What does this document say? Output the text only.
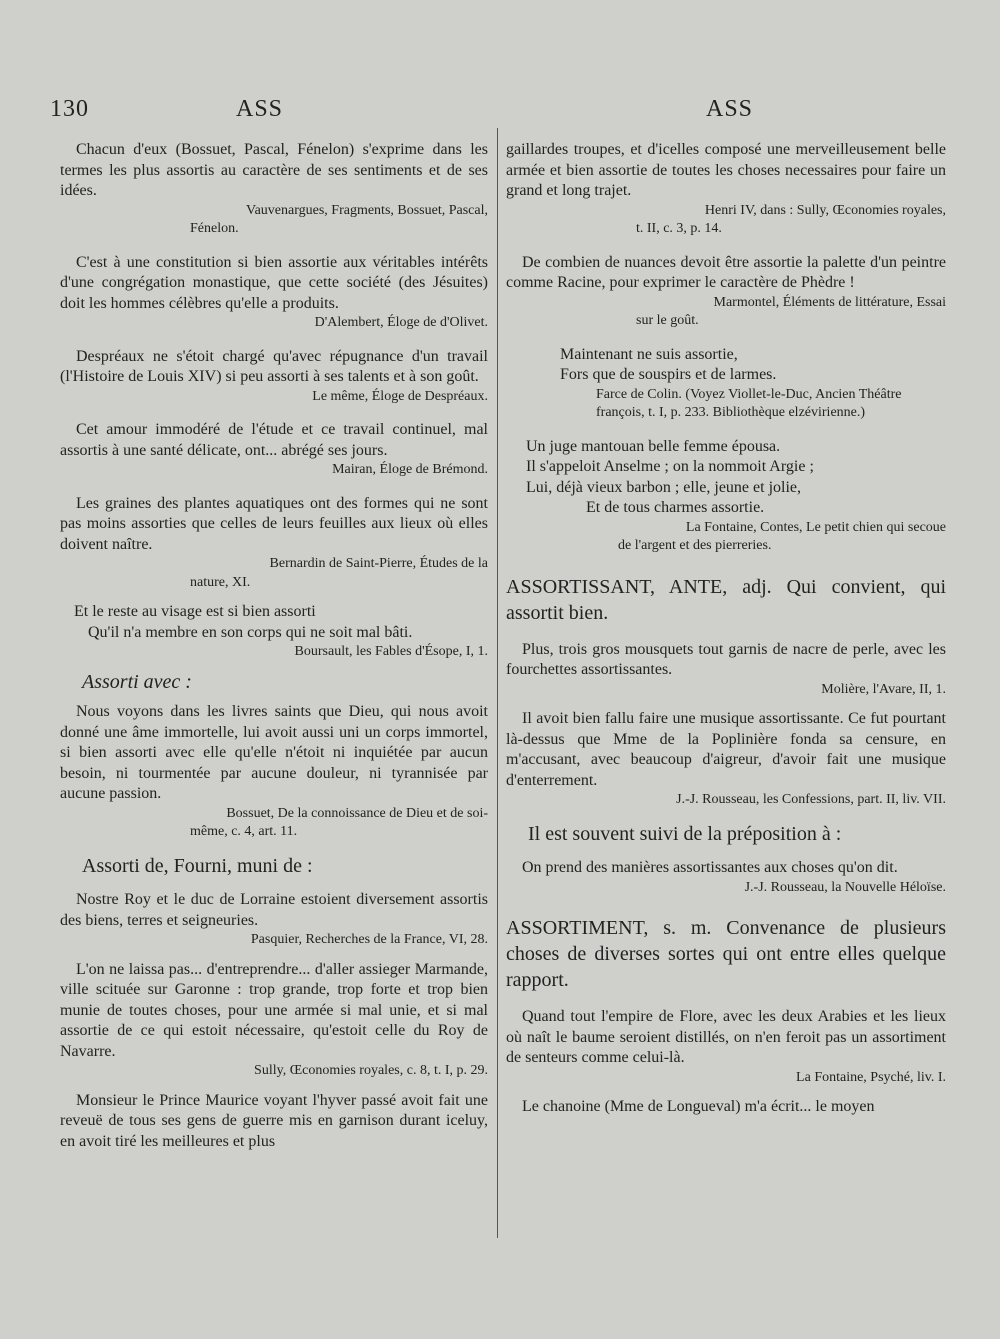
130	ASS	ASS

Chacun d'eux (Bossuet, Pascal, Fénelon) s'exprime dans les termes les plus assortis au caractère de ses sentiments et de ses idées.

Vauvenargues, Fragments, Bossuet, Pascal,
Fénelon.

C'est à une constitution si bien assortie aux véritables intérêts d'une congrégation monastique, que cette société (des Jésuites) doit les hommes célèbres qu'elle a produits.

D'Alembert, Éloge de d'Olivet.

Despréaux ne s'étoit chargé qu'avec répugnance d'un travail (l'Histoire de Louis XIV) si peu assorti à ses talents et à son goût.

Le même, Éloge de Despréaux.

Cet amour immodéré de l'étude et ce travail continuel, mal assortis à une santé délicate, ont... abrégé ses jours.

Mairan, Éloge de Brémond.

Les graines des plantes aquatiques ont des formes qui ne sont pas moins assorties que celles de leurs feuilles aux lieux où elles doivent naître.

Bernardin de Saint-Pierre, Études de la
nature, XI.
Et le reste au visage est si bien assorti
Qu'il n'a membre en son corps qui ne soit mal bâti.
Boursault, les Fables d'Ésope, I, 1.
Assorti avec :

Nous voyons dans les livres saints que Dieu, qui nous avoit donné une âme immortelle, lui avoit aussi uni un corps immortel, si bien assorti avec elle qu'elle n'étoit ni inquiétée par aucun besoin, ni tourmentée par aucune douleur, ni tyrannisée par aucune passion.

Bossuet, De la connoissance de Dieu et de soi-
même, c. 4, art. 11.
Assorti de, Fourni, muni de :

Nostre Roy et le duc de Lorraine estoient diversement assortis des biens, terres et seigneuries.

Pasquier, Recherches de la France, VI, 28.

L'on ne laissa pas... d'entreprendre... d'aller assieger Marmande, ville scituée sur Garonne : trop grande, trop forte et trop bien munie de toutes choses, pour une armée si mal unie, et si mal assortie de ce qui estoit nécessaire, qu'estoit celle du Roy de Navarre.

Sully, Œconomies royales, c. 8, t. I, p. 29.

Monsieur le Prince Maurice voyant l'hyver passé avoit fait une reveuë de tous ses gens de guerre mis en garnison durant iceluy, en avoit tiré les meilleures et plus

gaillardes troupes, et d'icelles composé une merveilleusement belle armée et bien assortie de toutes les choses necessaires pour faire un grand et long trajet.

Henri IV, dans : Sully, Œconomies royales,
t. II, c. 3, p. 14.

De combien de nuances devoit être assortie la palette d'un peintre comme Racine, pour exprimer le caractère de Phèdre !

Marmontel, Éléments de littérature, Essai
sur le goût.
Maintenant ne suis assortie,
Fors que de souspirs et de larmes.
Farce de Colin. (Voyez Viollet-le-Duc, Ancien Théâtre françois, t. I, p. 233. Bibliothèque elzévirienne.)
Un juge mantouan belle femme épousa.
Il s'appeloit Anselme ; on la nommoit Argie ;
Lui, déjà vieux barbon ; elle, jeune et jolie,
Et de tous charmes assortie.
La Fontaine, Contes, Le petit chien qui secoue
de l'argent et des pierreries.

ASSORTISSANT, ANTE, adj. Qui convient, qui assortit bien.

Plus, trois gros mousquets tout garnis de nacre de perle, avec les fourchettes assortissantes.

Molière, l'Avare, II, 1.

Il avoit bien fallu faire une musique assortissante. Ce fut pourtant là-dessus que Mme de la Poplinière fonda sa censure, en m'accusant, avec beaucoup d'aigreur, d'avoir fait une musique d'enterrement.

J.-J. Rousseau, les Confessions, part. II, liv. VII.
Il est souvent suivi de la préposition à :

On prend des manières assortissantes aux choses qu'on dit.

J.-J. Rousseau, la Nouvelle Héloïse.

ASSORTIMENT, s. m. Convenance de plusieurs choses de diverses sortes qui ont entre elles quelque rapport.

Quand tout l'empire de Flore, avec les deux Arabies et les lieux où naît le baume seroient distillés, on n'en feroit pas un assortiment de senteurs comme celui-là.

La Fontaine, Psyché, liv. I.

Le chanoine (Mme de Longueval) m'a écrit... le moyen
